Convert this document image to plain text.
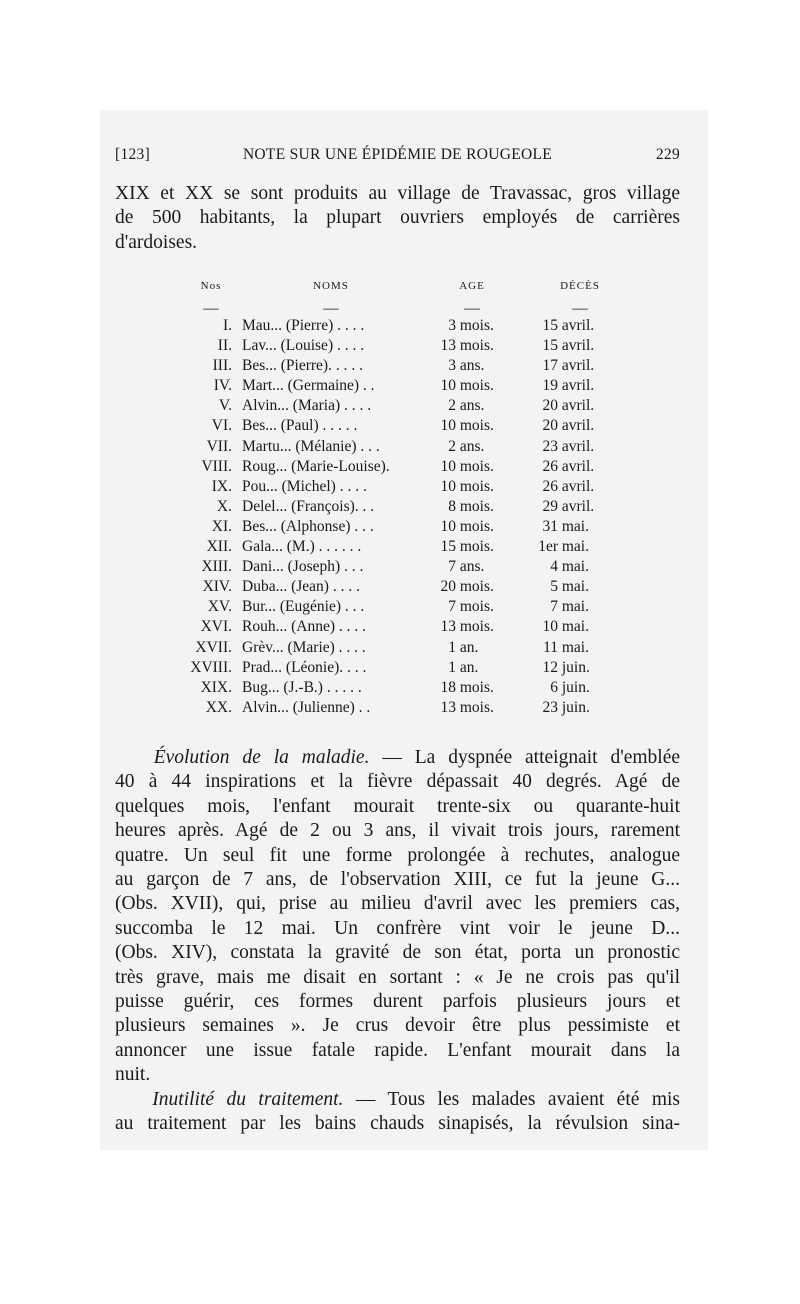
[123]	NOTE SUR UNE ÉPIDÉMIE DE ROUGEOLE	229
XIX et XX se sont produits au village de Travassac, gros village
de 500 habitants, la plupart ouvriers employés de carrières
d'ardoises.
Nos	NOMS	AGE	DÉCÈS
—	—	—	—
I. Mau... (Pierre) . . . .	3 mois.	15 avril.
II. Lav... (Louise) . . . .	13 mois.	15 avril.
III. Bes... (Pierre). . . . .	3 ans.	17 avril.
IV. Mart... (Germaine) . .	10 mois.	19 avril.
V. Alvin... (Maria) . . . .	2 ans.	20 avril.
VI. Bes... (Paul) . . . . .	10 mois.	20 avril.
VII. Martu... (Mélanie) . . .	2 ans.	23 avril.
VIII. Roug... (Marie-Louise).	10 mois.	26 avril.
IX. Pou... (Michel) . . . .	10 mois.	26 avril.
X. Delel... (François). . .	8 mois.	29 avril.
XI. Bes... (Alphonse) . . .	10 mois.	31 mai.
XII. Gala... (M.) . . . . . .	15 mois.	1er mai.
XIII. Dani... (Joseph) . . .	7 ans.	4 mai.
XIV. Duba... (Jean) . . . .	20 mois.	5 mai.
XV. Bur... (Eugénie) . . .	7 mois.	7 mai.
XVI. Rouh... (Anne) . . . .	13 mois.	10 mai.
XVII. Grèv... (Marie) . . . .	1 an.	11 mai.
XVIII. Prad... (Léonie). . . .	1 an.	12 juin.
XIX. Bug... (J.-B.) . . . . .	18 mois.	6 juin.
XX. Alvin... (Julienne) . .	13 mois.	23 juin.
Évolution de la maladie. — La dyspnée atteignait d'emblée
40 à 44 inspirations et la fièvre dépassait 40 degrés. Agé de
quelques mois, l'enfant mourait trente-six ou quarante-huit
heures après. Agé de 2 ou 3 ans, il vivait trois jours, rarement
quatre. Un seul fit une forme prolongée à rechutes, analogue
au garçon de 7 ans, de l'observation XIII, ce fut la jeune G...
(Obs. XVII), qui, prise au milieu d'avril avec les premiers cas,
succomba le 12 mai. Un confrère vint voir le jeune D...
(Obs. XIV), constata la gravité de son état, porta un pronostic
très grave, mais me disait en sortant : « Je ne crois pas qu'il
puisse guérir, ces formes durent parfois plusieurs jours et
plusieurs semaines ». Je crus devoir être plus pessimiste et
annoncer une issue fatale rapide. L'enfant mourait dans la
nuit.
Inutilité du traitement. — Tous les malades avaient été mis
au traitement par les bains chauds sinapisés, la révulsion sina-
